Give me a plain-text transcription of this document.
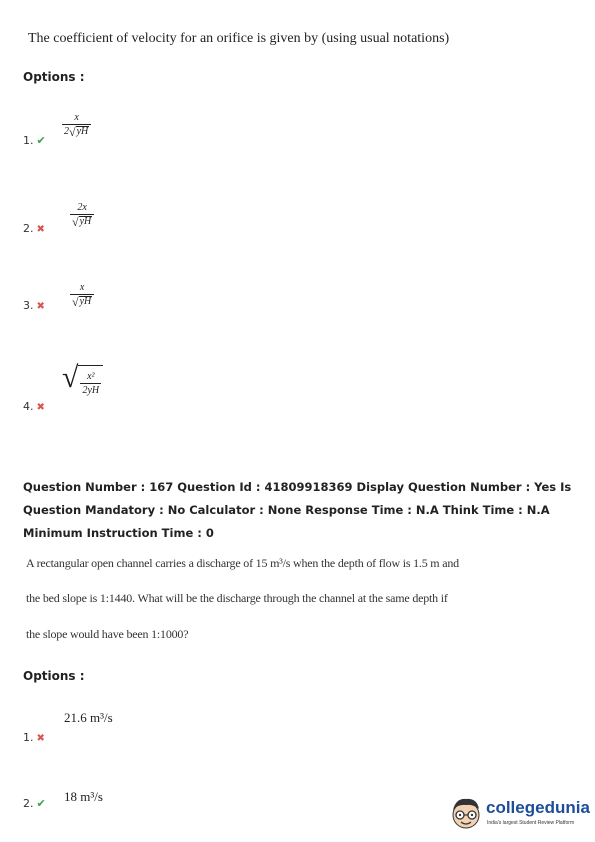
The coefficient of velocity for an orifice is given by (using usual notations)
Options :
$\frac{x}{2 √ yH}$
1. ✔
$\frac{2x}{√ yH}$
2. ✖
$\frac{x}{√ yH}$
3. ✖
√ $\frac{\text{x²}}{2yH}$
4. ✖
Question Number : 167 Question Id : 41809918369 Display Question Number : Yes Is Question Mandatory : No Calculator : None Response Time : N.A Think Time : N.A Minimum Instruction Time : 0
A rectangular open channel carries a discharge of 15 m³/s when the depth of flow is 1.5 m and
the bed slope is 1:1440. What will be the discharge through the channel at the same depth if
the slope would have been 1:1000?
Options :
21.6 m³/s
1. ✖
18 m³/s
2. ✔	collegedunia
India's largest Student Review Platform
